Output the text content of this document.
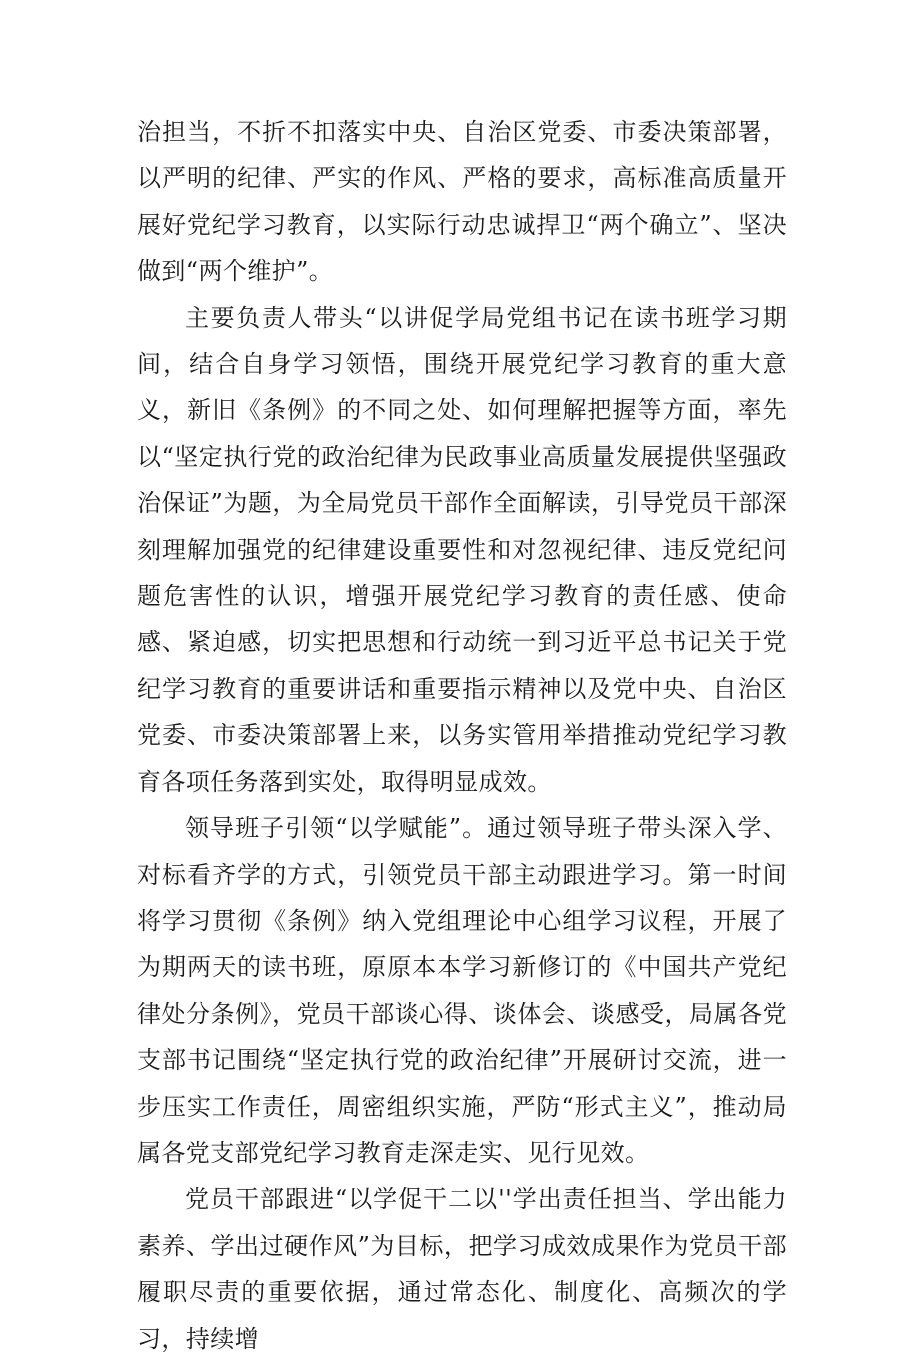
治担当，不折不扣落实中央、自治区党委、市委决策部署，以严明的纪律、严实的作风、严格的要求，高标准高质量开展好党纪学习教育，以实际行动忠诚捍卫“两个确立”、坚决做到“两个维护”。

主要负责人带头“以讲促学局党组书记在读书班学习期间，结合自身学习领悟，围绕开展党纪学习教育的重大意义，新旧《条例》的不同之处、如何理解把握等方面，率先以“坚定执行党的政治纪律为民政事业高质量发展提供坚强政治保证”为题，为全局党员干部作全面解读，引导党员干部深刻理解加强党的纪律建设重要性和对忽视纪律、违反党纪问题危害性的认识，增强开展党纪学习教育的责任感、使命感、紧迫感，切实把思想和行动统一到习近平总书记关于党纪学习教育的重要讲话和重要指示精神以及党中央、自治区党委、市委决策部署上来，以务实管用举措推动党纪学习教育各项任务落到实处，取得明显成效。

领导班子引领“以学赋能”。通过领导班子带头深入学、对标看齐学的方式，引领党员干部主动跟进学习。第一时间将学习贯彻《条例》纳入党组理论中心组学习议程，开展了为期两天的读书班，原原本本学习新修订的《中国共产党纪律处分条例》，党员干部谈心得、谈体会、谈感受，局属各党支部书记围绕“坚定执行党的政治纪律”开展研讨交流，进一步压实工作责任，周密组织实施，严防“形式主义”，推动局属各党支部党纪学习教育走深走实、见行见效。

党员干部跟进“以学促干二以''学出责任担当、学出能力素养、学出过硬作风”为目标，把学习成效成果作为党员干部履职尽责的重要依据，通过常态化、制度化、高频次的学习，持续增
